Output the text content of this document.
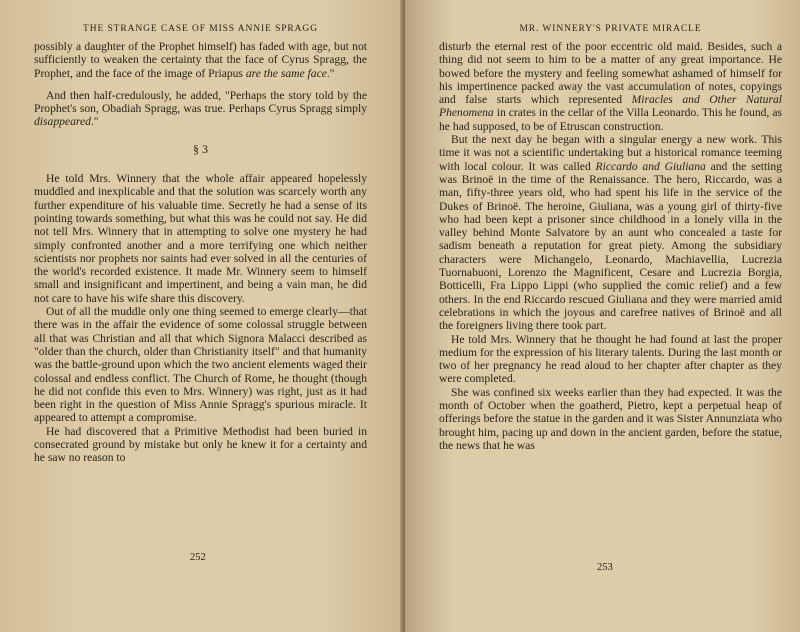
THE STRANGE CASE OF MISS ANNIE SPRAGG

possibly a daughter of the Prophet himself) has faded with age, but not sufficiently to weaken the certainty that the face of Cyrus Spragg, the Prophet, and the face of the image of Priapus are the same face."

And then half-credulously, he added, "Perhaps the story told by the Prophet's son, Obadiah Spragg, was true. Perhaps Cyrus Spragg simply disappeared."

§ 3

He told Mrs. Winnery that the whole affair appeared hopelessly muddled and inexplicable and that the solution was scarcely worth any further expenditure of his valuable time. Secretly he had a sense of its pointing towards something, but what this was he could not say. He did not tell Mrs. Winnery that in attempting to solve one mystery he had simply confronted another and a more terrifying one which neither scientists nor prophets nor saints had ever solved in all the centuries of the world's recorded existence. It made Mr. Winnery seem to himself small and insignificant and impertinent, and being a vain man, he did not care to have his wife share this discovery.

Out of all the muddle only one thing seemed to emerge clearly—that there was in the affair the evidence of some colossal struggle between all that was Christian and all that which Signora Malacci described as "older than the church, older than Christianity itself" and that humanity was the battle-ground upon which the two ancient elements waged their colossal and endless conflict. The Church of Rome, he thought (though he did not confide this even to Mrs. Winnery) was right, just as it had been right in the question of Miss Annie Spragg's spurious miracle. It appeared to attempt a compromise.

He had discovered that a Primitive Methodist had been buried in consecrated ground by mistake but only he knew it for a certainty and he saw no reason to

252
MR. WINNERY'S PRIVATE MIRACLE

disturb the eternal rest of the poor eccentric old maid. Besides, such a thing did not seem to him to be a matter of any great importance. He bowed before the mystery and feeling somewhat ashamed of himself for his impertinence packed away the vast accumulation of notes, copyings and false starts which represented Miracles and Other Natural Phenomena in crates in the cellar of the Villa Leonardo. This he found, as he had supposed, to be of Etruscan construction.

But the next day he began with a singular energy a new work. This time it was not a scientific undertaking but a historical romance teeming with local colour. It was called Riccardo and Giuliana and the setting was Brinoë in the time of the Renaissance. The hero, Riccardo, was a man, fifty-three years old, who had spent his life in the service of the Dukes of Brinoë. The heroine, Giuliana, was a young girl of thirty-five who had been kept a prisoner since childhood in a lonely villa in the valley behind Monte Salvatore by an aunt who concealed a taste for sadism beneath a reputation for great piety. Among the subsidiary characters were Michangelo, Leonardo, Machiavellia, Lucrezia Tuornabuoni, Lorenzo the Magnificent, Cesare and Lucrezia Borgia, Botticelli, Fra Lippo Lippi (who supplied the comic relief) and a few others. In the end Riccardo rescued Giuliana and they were married amid celebrations in which the joyous and carefree natives of Brinoë and all the foreigners living there took part.

He told Mrs. Winnery that he thought he had found at last the proper medium for the expression of his literary talents. During the last month or two of her pregnancy he read aloud to her chapter after chapter as they were completed.

She was confined six weeks earlier than they had expected. It was the month of October when the goatherd, Pietro, kept a perpetual heap of offerings before the statue in the garden and it was Sister Annunziata who brought him, pacing up and down in the ancient garden, before the statue, the news that he was

253
